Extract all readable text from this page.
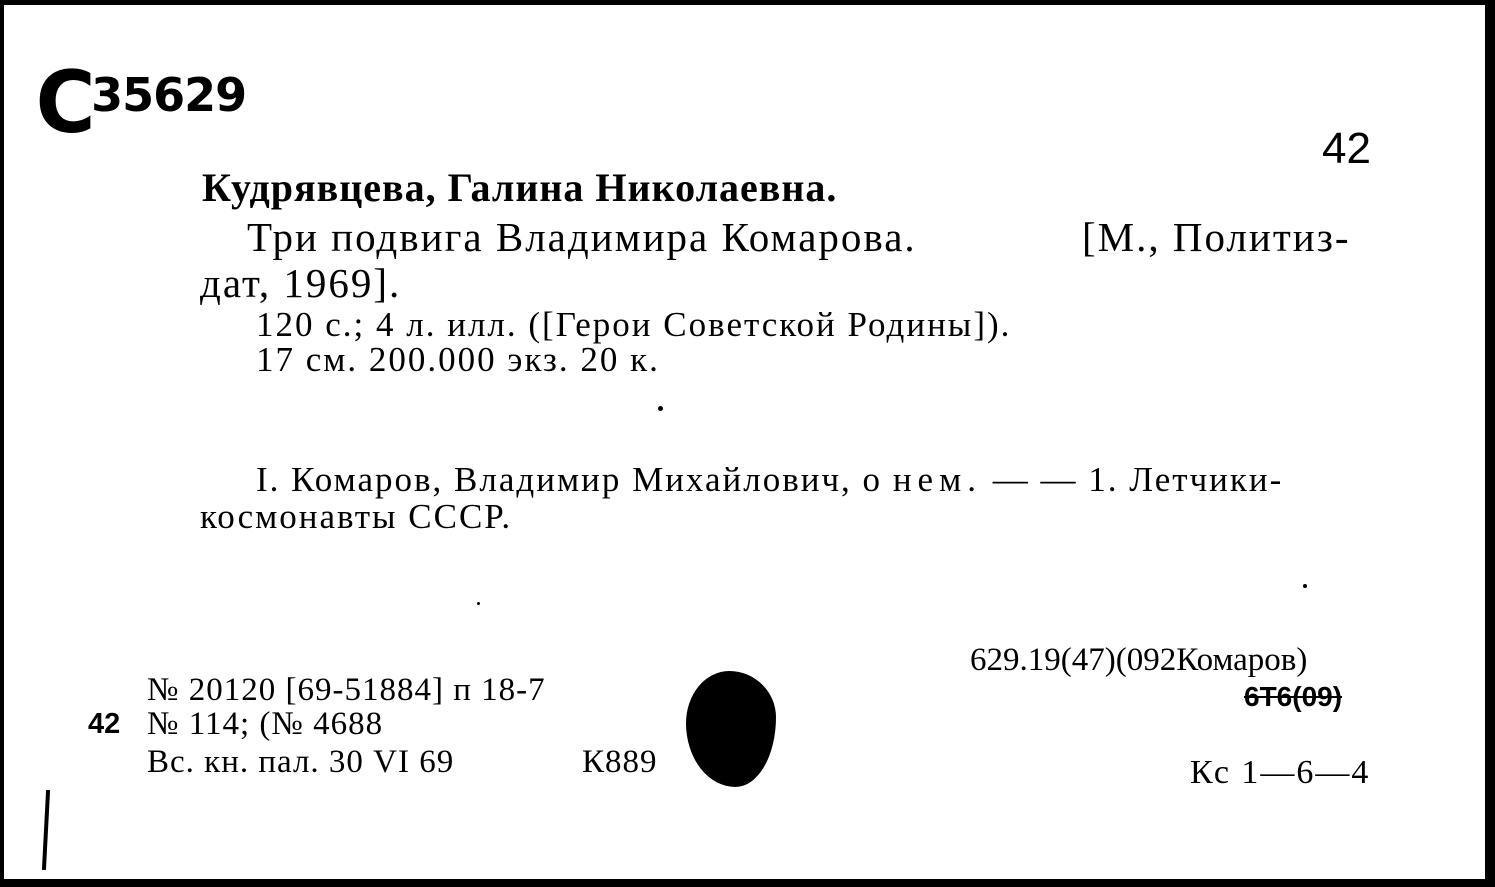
C35629
42
Кудрявцева, Галина Николаевна.
Три подвига Владимира Комарова.	[М., Политиз-
дат, 1969].
120 с.; 4 л. илл. ([Герои Советской Родины]).
17 см. 200.000 экз. 20 к.
I. Комаров, Владимир Михайлович, о нем. — — 1. Летчики-
космонавты СССР.
№ 20120 [69-51884] п 18-7
42 № 114; (№ 4688
Вс. кн. пал. 30 VI 69	К889
629.19(47)(092Комаров)
6Т6(09)
Кс 1—6—4
